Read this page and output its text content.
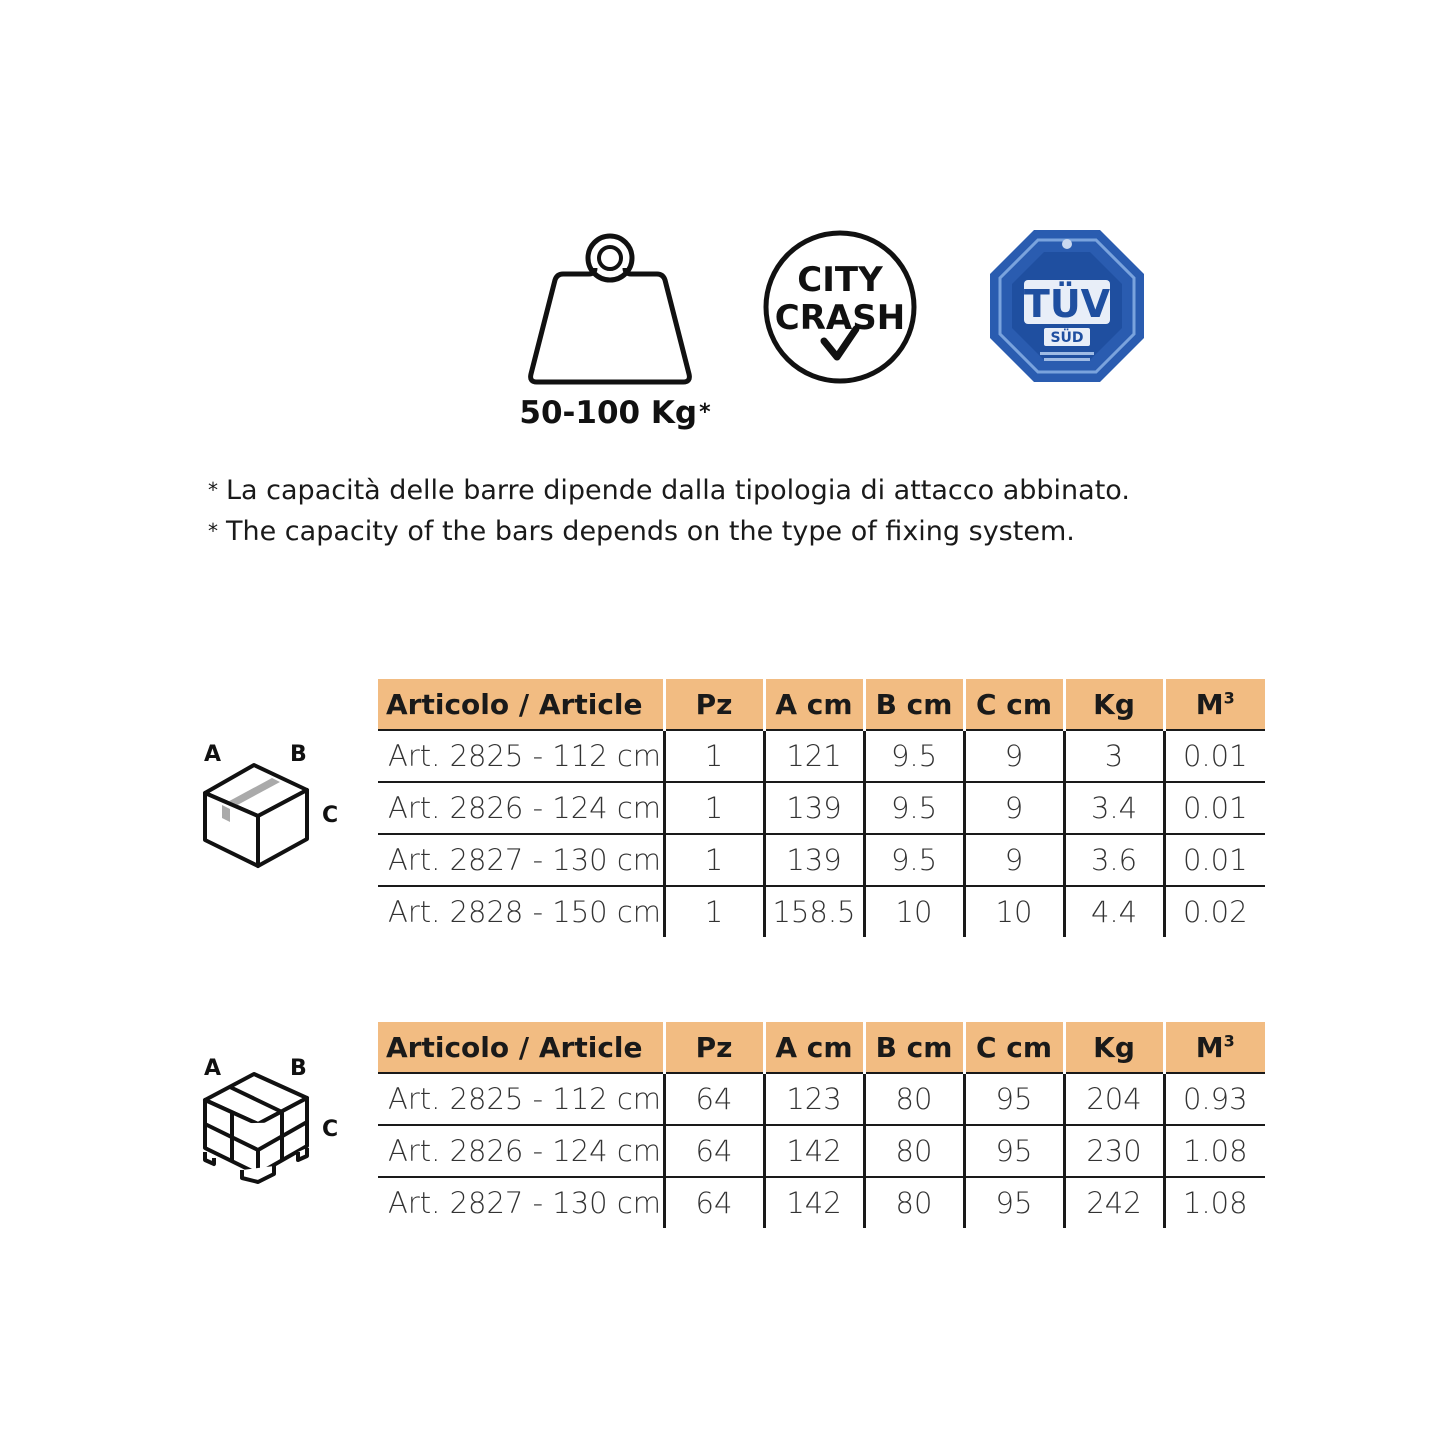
50-100 Kg*
CITY
CRASH	TÜV
SÜD
* La capacità delle barre dipende dalla tipologia di attacco abbinato.
* The capacity of the bars depends on the type of fixing system.
A	B
C
Articolo / Article	Pz	A cm	B cm	C cm	Kg	$M^3$
Art. 2825 - 112 cm	1	121	9.5	9	3	0.01
Art. 2826 - 124 cm	1	139	9.5	9	3.4	0.01
Art. 2827 - 130 cm	1	139	9.5	9	3.6	0.01
Art. 2828 - 150 cm	1	158.5	10	10	4.4	0.02
A	B
C
Articolo / Article	Pz	A cm	B cm	C cm	Kg	$M^3$
Art. 2825 - 112 cm	64	123	80	95	204	0.93
Art. 2826 - 124 cm	64	142	80	95	230	1.08
Art. 2827 - 130 cm	64	142	80	95	242	1.08
